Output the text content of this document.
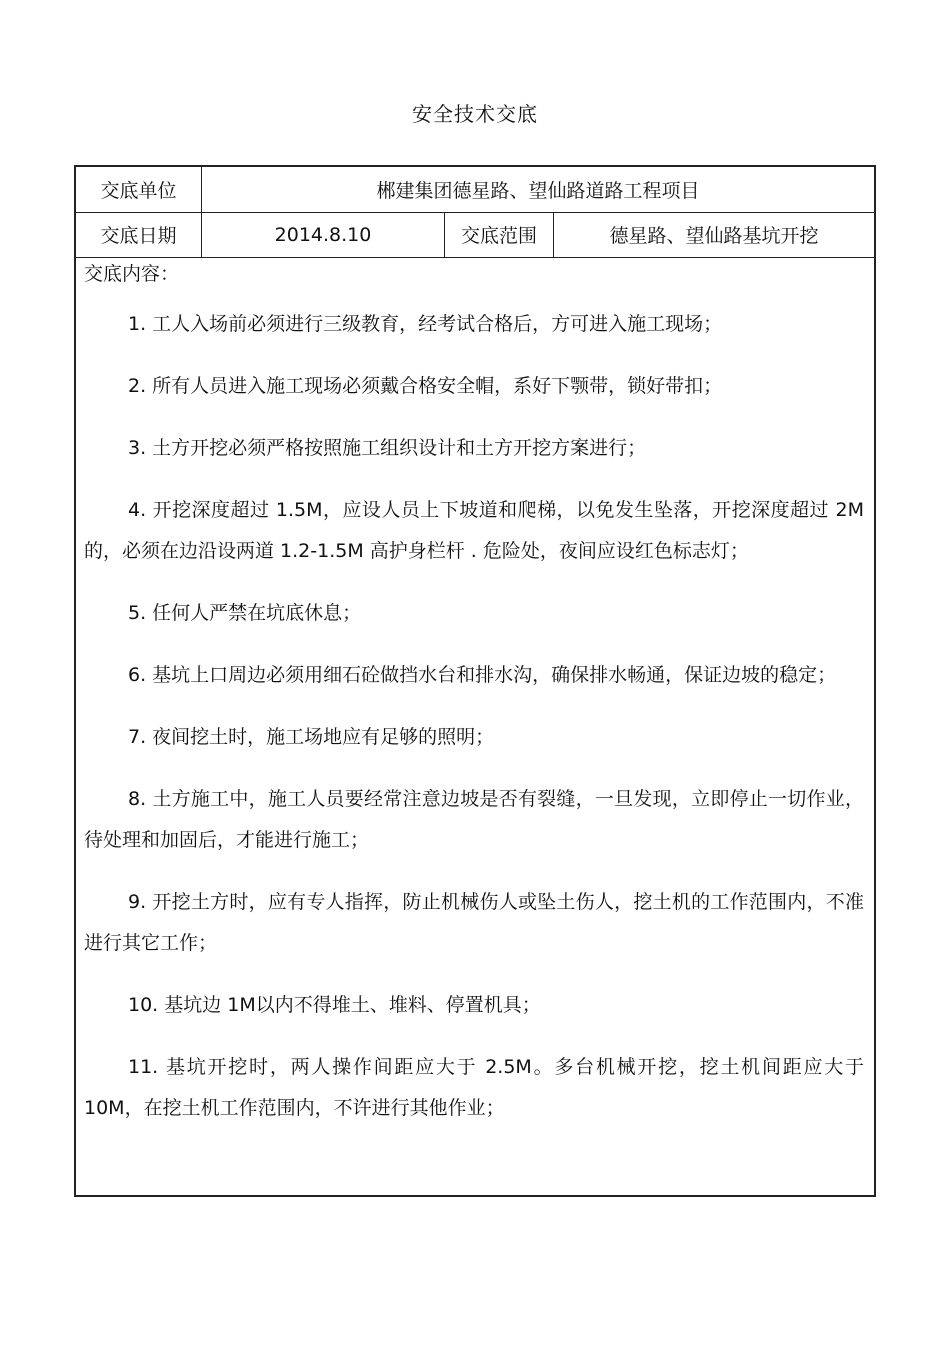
安全技术交底
交底单位	郴建集团德星路、望仙路道路工程项目
交底日期	2014.8.10	交底范围	德星路、望仙路基坑开挖
交底内容：

1. 工人入场前必须进行三级教育，经考试合格后，方可进入施工现场；

2. 所有人员进入施工现场必须戴合格安全帽，系好下颚带，锁好带扣；

3. 土方开挖必须严格按照施工组织设计和土方开挖方案进行；

4. 开挖深度超过 1.5M，应设人员上下坡道和爬梯，以免发生坠落，开挖深度超过 2M的，必须在边沿设两道 1.2-1.5M 高护身栏杆 . 危险处，夜间应设红色标志灯；

5. 任何人严禁在坑底休息；

6. 基坑上口周边必须用细石砼做挡水台和排水沟，确保排水畅通，保证边坡的稳定；

7. 夜间挖土时，施工场地应有足够的照明；

8. 土方施工中，施工人员要经常注意边坡是否有裂缝，一旦发现，立即停止一切作业，待处理和加固后，才能进行施工；

9. 开挖土方时，应有专人指挥，防止机械伤人或坠土伤人，挖土机的工作范围内，不准进行其它工作；

10. 基坑边 1M以内不得堆土、堆料、停置机具；

11. 基坑开挖时，两人操作间距应大于 2.5M。多台机械开挖，挖土机间距应大于 10M，在挖土机工作范围内，不许进行其他作业；
